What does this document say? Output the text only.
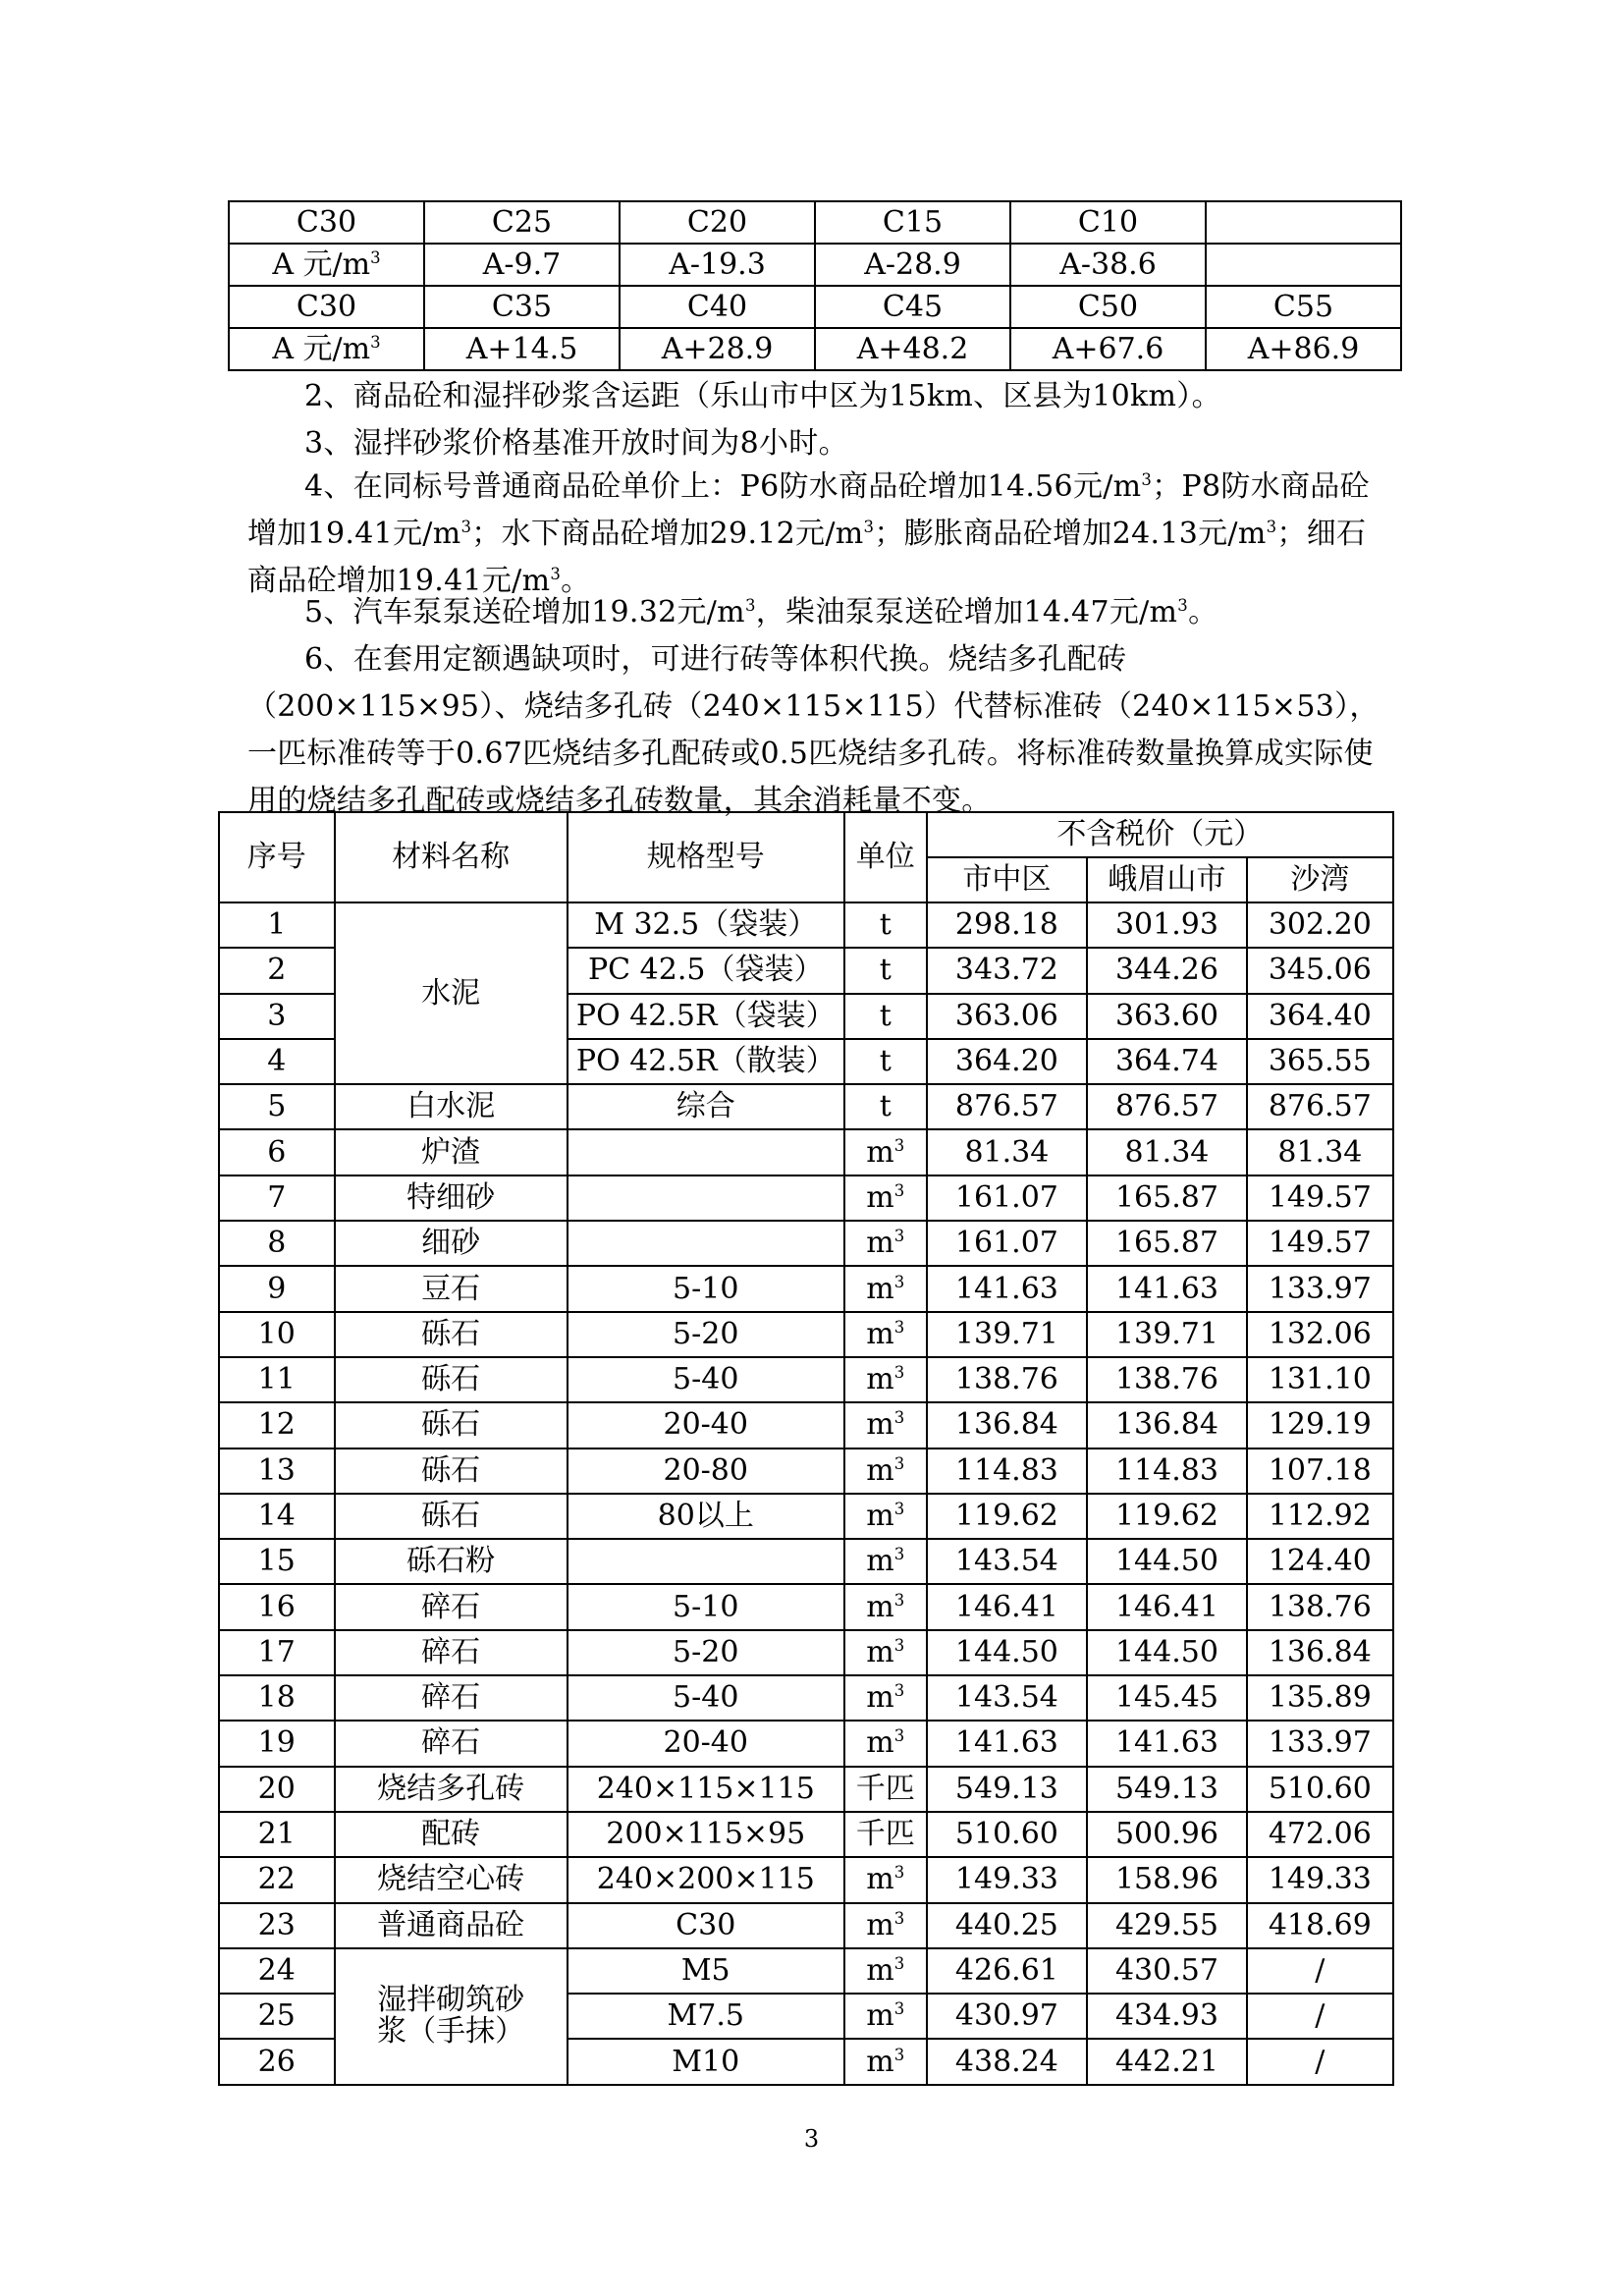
C30	C25	C20	C15	C10	
A 元$/m^3$	A-9.7	A-19.3	A-28.9	A-38.6	
C30	C35	C40	C45	C50	C55
A 元$/m^3$	A+14.5	A+28.9	A+48.2	A+67.6	A+86.9

2、商品砼和湿拌砂浆含运距（乐山市中区为15km、区县为10km）。

3、湿拌砂浆价格基准开放时间为8小时。

4、在同标号普通商品砼单价上：P6防水商品砼增加14.56元$/m^3$；P8防水商品砼增加19.41元$/m^3$；水下商品砼增加29.12元$/m^3$；膨胀商品砼增加24.13元$/m^3$；细石商品砼增加19.41元$/m^3$。

5、汽车泵泵送砼增加19.32元$/m^3$，柴油泵泵送砼增加14.47元$/m^3$。

6、在套用定额遇缺项时，可进行砖等体积代换。烧结多孔配砖（200×115×95）、烧结多孔砖（240×115×115）代替标准砖（240×115×53），一匹标准砖等于0.67匹烧结多孔配砖或0.5匹烧结多孔砖。将标准砖数量换算成实际使用的烧结多孔配砖或烧结多孔砖数量，其余消耗量不变。

序号	材料名称	规格型号	单位	不含税价（元）		
				市中区	峨眉山市	沙湾
1	水泥	M 32.5（袋装）	t	298.18	301.93	302.20
2		PC 42.5（袋装）	t	343.72	344.26	345.06
3		PO 42.5R（袋装）	t	363.06	363.60	364.40
4		PO 42.5R（散装）	t	364.20	364.74	365.55
5	白水泥	综合	t	876.57	876.57	876.57
6	炉渣		$m^3$	81.34	81.34	81.34
7	特细砂		$m^3$	161.07	165.87	149.57
8	细砂		$m^3$	161.07	165.87	149.57
9	豆石	5-10	$m^3$	141.63	141.63	133.97
10	砾石	5-20	$m^3$	139.71	139.71	132.06
11	砾石	5-40	$m^3$	138.76	138.76	131.10
12	砾石	20-40	$m^3$	136.84	136.84	129.19
13	砾石	20-80	$m^3$	114.83	114.83	107.18
14	砾石	80以上	$m^3$	119.62	119.62	112.92
15	砾石粉		$m^3$	143.54	144.50	124.40
16	碎石	5-10	$m^3$	146.41	146.41	138.76
17	碎石	5-20	$m^3$	144.50	144.50	136.84
18	碎石	5-40	$m^3$	143.54	145.45	135.89
19	碎石	20-40	$m^3$	141.63	141.63	133.97
20	烧结多孔砖	240×115×115	千匹	549.13	549.13	510.60
21	配砖	200×115×95	千匹	510.60	500.96	472.06
22	烧结空心砖	240×200×115	$m^3$	149.33	158.96	149.33
23	普通商品砼	C30	$m^3$	440.25	429.55	418.69
24	湿拌砌筑砂浆（手抹）	M5	$m^3$	426.61	430.57	/
25		M7.5	$m^3$	430.97	434.93	/
26		M10	$m^3$	438.24	442.21	/
3
